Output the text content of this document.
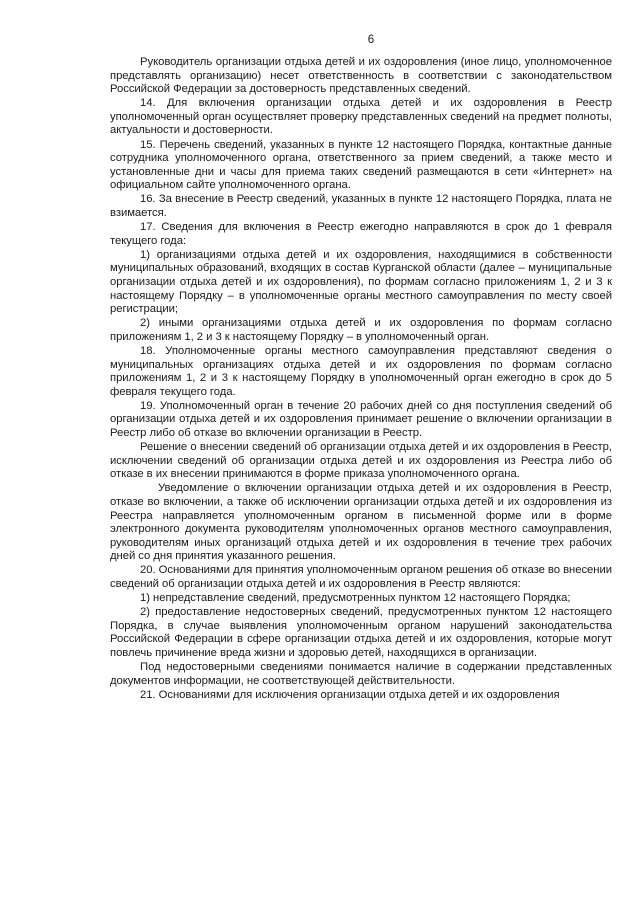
6

Руководитель организации отдыха детей и их оздоровления (иное лицо, уполномоченное представлять организацию) несет ответственность в соответствии с законодательством Российской Федерации за достоверность представленных сведений.

14. Для включения организации отдыха детей и их оздоровления в Реестр уполномоченный орган осуществляет проверку представленных сведений на предмет полноты, актуальности и достоверности.

15. Перечень сведений, указанных в пункте 12 настоящего Порядка, контактные данные сотрудника уполномоченного органа, ответственного за прием сведений, а также место и установленные дни и часы для приема таких сведений размещаются в сети «Интернет» на официальном сайте уполномоченного органа.

16. За внесение в Реестр сведений, указанных в пункте 12 настоящего Порядка, плата не взимается.

17. Сведения для включения в Реестр ежегодно направляются в срок до 1 февраля текущего года:

1) организациями отдыха детей и их оздоровления, находящимися в собственности муниципальных образований, входящих в состав Курганской области (далее – муниципальные организации отдыха детей и их оздоровления), по формам согласно приложениям 1, 2 и 3 к настоящему Порядку – в уполномоченные органы местного самоуправления по месту своей регистрации;

2) иными организациями отдыха детей и их оздоровления по формам согласно приложениям 1, 2 и 3 к настоящему Порядку – в уполномоченный орган.

18. Уполномоченные органы местного самоуправления представляют сведения о муниципальных организациях отдыха детей и их оздоровления по формам согласно приложениям 1, 2 и 3 к настоящему Порядку в уполномоченный орган ежегодно в срок до 5 февраля текущего года.

19. Уполномоченный орган в течение 20 рабочих дней со дня поступления сведений об организации отдыха детей и их оздоровления принимает решение о включении организации в Реестр либо об отказе во включении организации в Реестр.

Решение о внесении сведений об организации отдыха детей и их оздоровления в Реестр, исключении сведений об организации отдыха детей и их оздоровления из Реестра либо об отказе в их внесении принимаются в форме приказа уполномоченного органа.

Уведомление о включении организации отдыха детей и их оздоровления в Реестр, отказе во включении, а также об исключении организации отдыха детей и их оздоровления из Реестра направляется уполномоченным органом в письменной форме или в форме электронного документа руководителям уполномоченных органов местного самоуправления, руководителям иных организаций отдыха детей и их оздоровления в течение трех рабочих дней со дня принятия указанного решения.

20. Основаниями для принятия уполномоченным органом решения об отказе во внесении сведений об организации отдыха детей и их оздоровления в Реестр являются:

1) непредставление сведений, предусмотренных пунктом 12 настоящего Порядка;

2) предоставление недостоверных сведений, предусмотренных пунктом 12 настоящего Порядка, в случае выявления уполномоченным органом нарушений законодательства Российской Федерации в сфере организации отдыха детей и их оздоровления, которые могут повлечь причинение вреда жизни и здоровью детей, находящихся в организации.

Под недостоверными сведениями понимается наличие в содержании представленных документов информации, не соответствующей действительности.

21. Основаниями для исключения организации отдыха детей и их оздоровления
